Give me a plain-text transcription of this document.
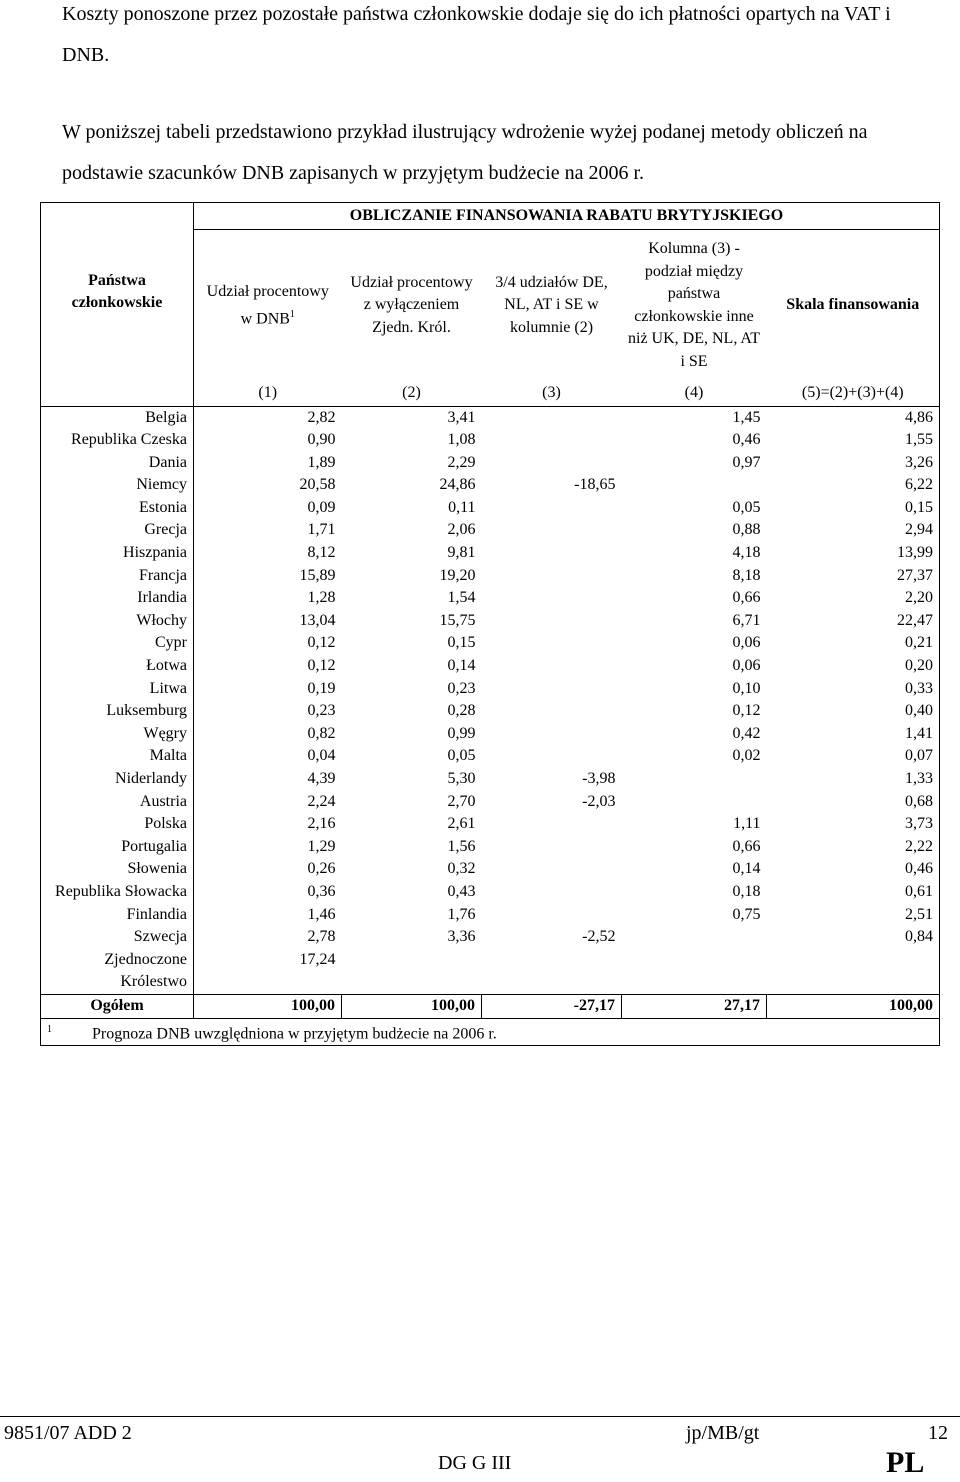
Koszty ponoszone przez pozostałe państwa członkowskie dodaje się do ich płatności opartych na VAT i DNB.

W poniższej tabeli przedstawiono przykład ilustrujący wdrożenie wyżej podanej metody obliczeń na podstawie szacunków DNB zapisanych w przyjętym budżecie na 2006 r.

Państwa członkowskie	OBLICZANIE FINANSOWANIA RABATU BRYTYJSKIEGO				
	Udział procentowy w DNB$^1$	Udział procentowy z wyłączeniem Zjedn. Król.	3/4 udziałów DE, NL, AT i SE w kolumnie (2)	Kolumna (3) - podział między państwa członkowskie inne niż UK, DE, NL, AT i SE	Skala finansowania
	(1)	(2)	(3)	(4)	(5)=(2)+(3)+(4)
Belgia	2,82	3,41		1,45	4,86
Republika Czeska	0,90	1,08		0,46	1,55
Dania	1,89	2,29		0,97	3,26
Niemcy	20,58	24,86	-18,65		6,22
Estonia	0,09	0,11		0,05	0,15
Grecja	1,71	2,06		0,88	2,94
Hiszpania	8,12	9,81		4,18	13,99
Francja	15,89	19,20		8,18	27,37
Irlandia	1,28	1,54		0,66	2,20
Włochy	13,04	15,75		6,71	22,47
Cypr	0,12	0,15		0,06	0,21
Łotwa	0,12	0,14		0,06	0,20
Litwa	0,19	0,23		0,10	0,33
Luksemburg	0,23	0,28		0,12	0,40
Węgry	0,82	0,99		0,42	1,41
Malta	0,04	0,05		0,02	0,07
Niderlandy	4,39	5,30	-3,98		1,33
Austria	2,24	2,70	-2,03		0,68
Polska	2,16	2,61		1,11	3,73
Portugalia	1,29	1,56		0,66	2,22
Słowenia	0,26	0,32		0,14	0,46
Republika Słowacka	0,36	0,43		0,18	0,61
Finlandia	1,46	1,76		0,75	2,51
Szwecja	2,78	3,36	-2,52		0,84
Zjednoczone Królestwo	17,24				
Ogółem	100,00	100,00	-27,17	27,17	100,00
$^1$ Prognoza DNB uwzględniona w przyjętym budżecie na 2006 r.					
9851/07 ADD 2	jp/MB/gt	12
DG G III	PL
